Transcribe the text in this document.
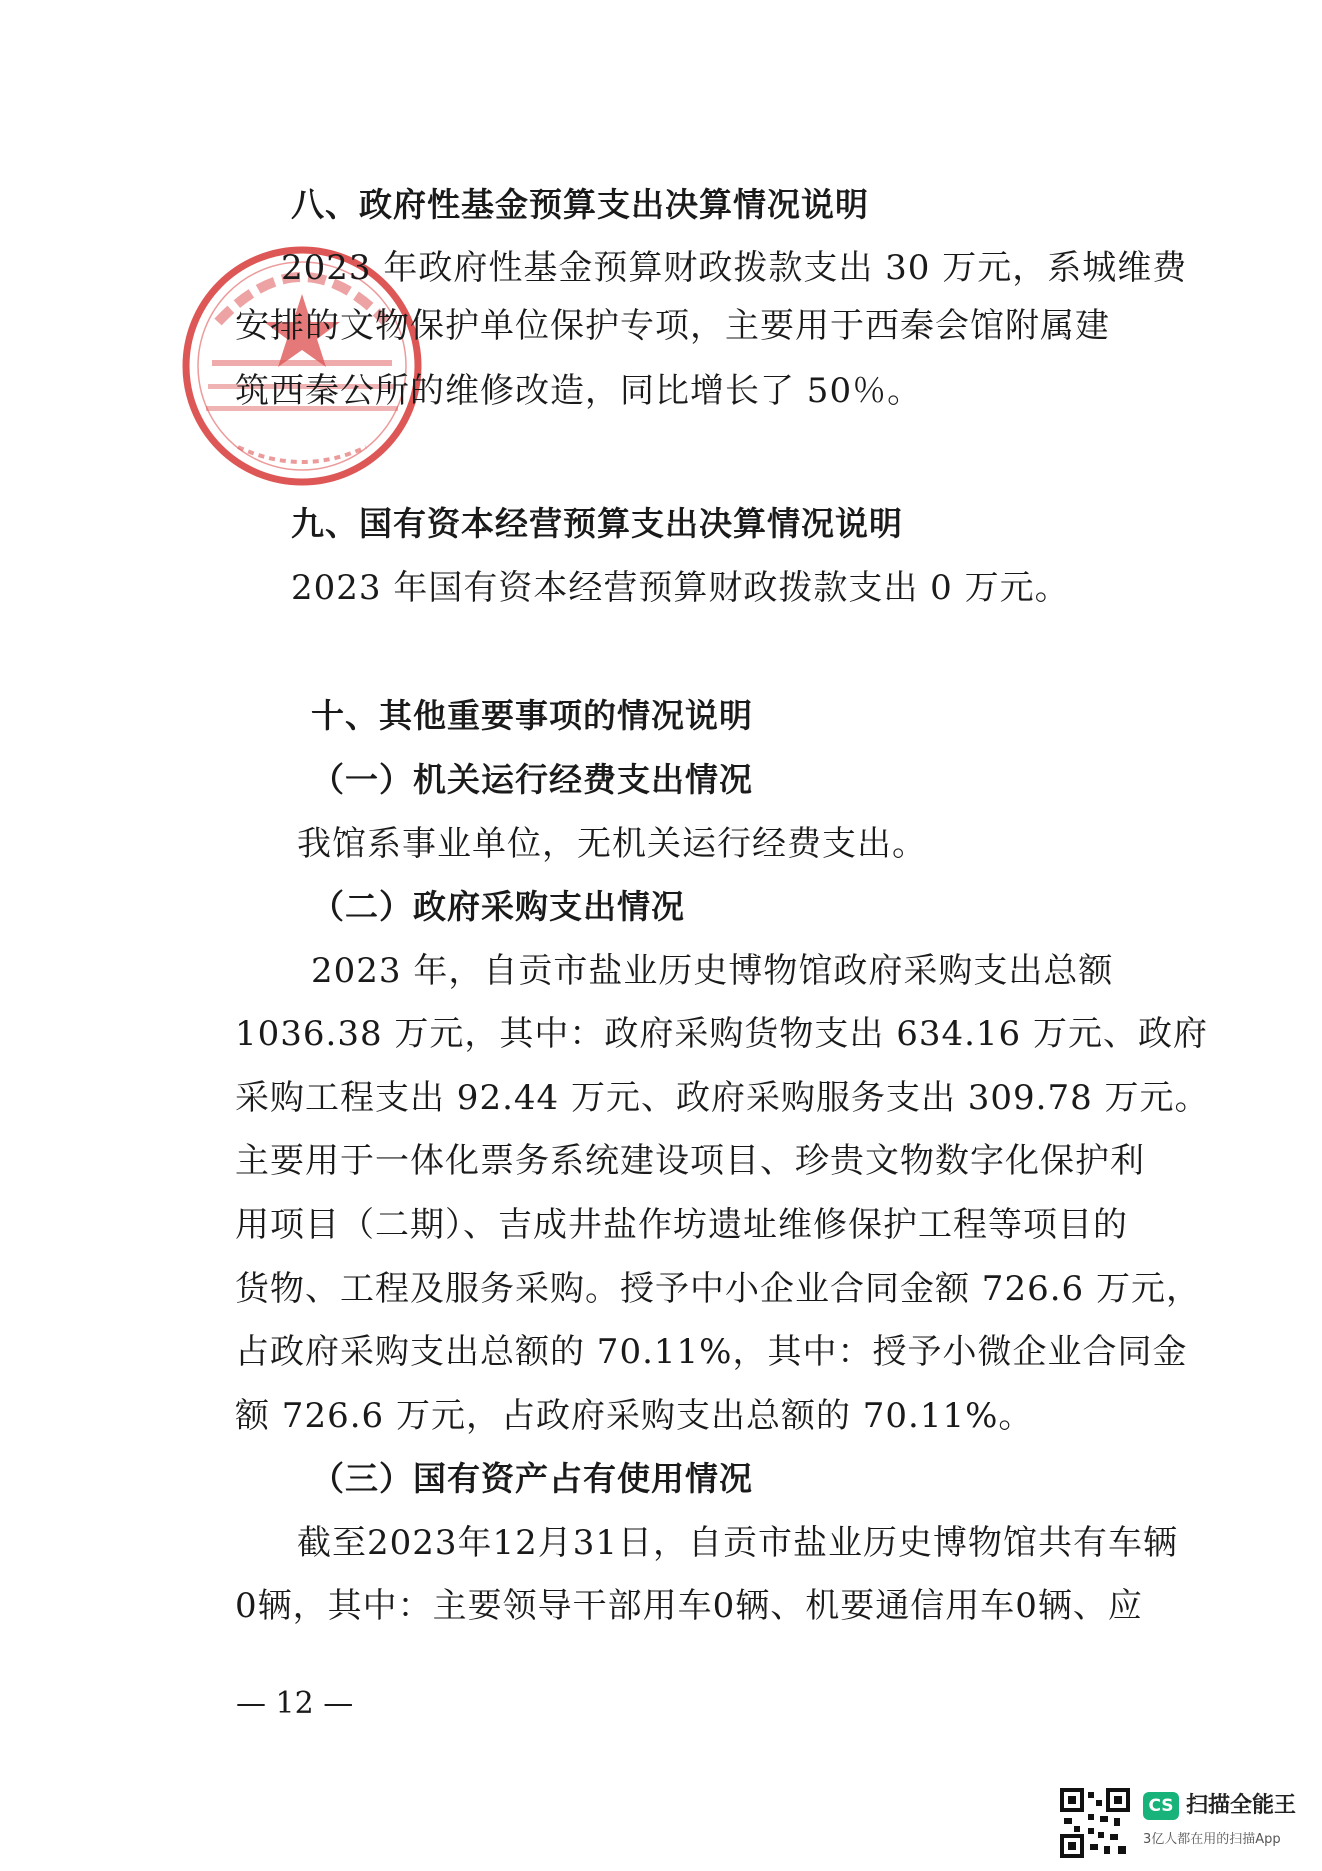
八、政府性基金预算支出决算情况说明
2023 年政府性基金预算财政拨款支出 30 万元，系城维费
安排的文物保护单位保护专项，主要用于西秦会馆附属建
筑西秦公所的维修改造，同比增长了 50％。
九、国有资本经营预算支出决算情况说明
2023 年国有资本经营预算财政拨款支出 0 万元。
十、其他重要事项的情况说明
（一）机关运行经费支出情况
我馆系事业单位，无机关运行经费支出。
（二）政府采购支出情况
2023 年，自贡市盐业历史博物馆政府采购支出总额
1036.38 万元，其中：政府采购货物支出 634.16 万元、政府
采购工程支出 92.44 万元、政府采购服务支出 309.78 万元。
主要用于一体化票务系统建设项目、珍贵文物数字化保护利
用项目（二期）、吉成井盐作坊遗址维修保护工程等项目的
货物、工程及服务采购。授予中小企业合同金额 726.6 万元，
占政府采购支出总额的 70.11%，其中：授予小微企业合同金
额 726.6 万元，占政府采购支出总额的 70.11%。
（三）国有资产占有使用情况
截至2023年12月31日，自贡市盐业历史博物馆共有车辆
0辆，其中：主要领导干部用车0辆、机要通信用车0辆、应
— 12 —
CS 扫描全能王
3亿人都在用的扫描App
